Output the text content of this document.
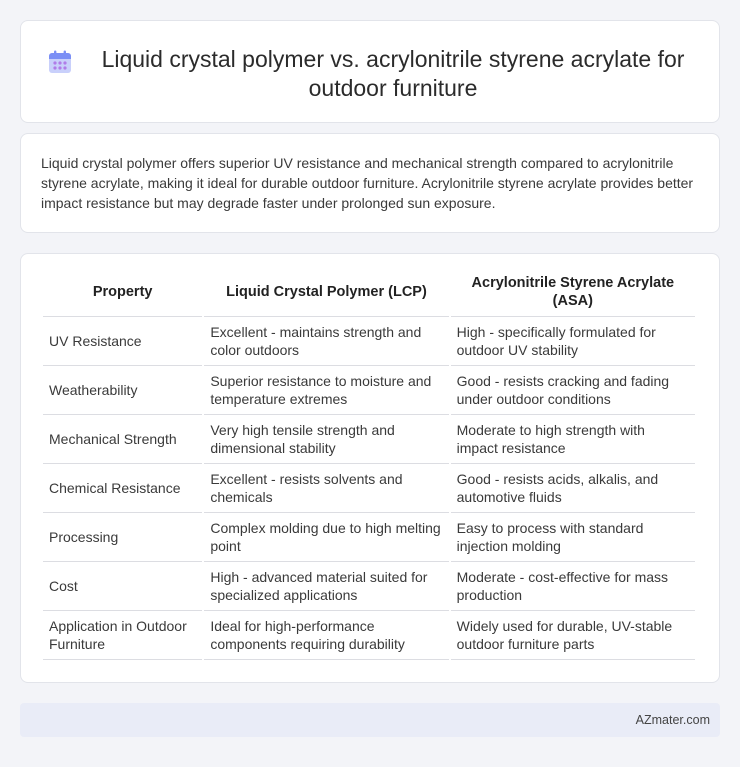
Liquid crystal polymer vs. acrylonitrile styrene acrylate for outdoor furniture

Liquid crystal polymer offers superior UV resistance and mechanical strength compared to acrylonitrile styrene acrylate, making it ideal for durable outdoor furniture. Acrylonitrile styrene acrylate provides better impact resistance but may degrade faster under prolonged sun exposure.

Property	Liquid Crystal Polymer (LCP)	Acrylonitrile Styrene Acrylate (ASA)
UV Resistance	Excellent - maintains strength and color outdoors	High - specifically formulated for outdoor UV stability
Weatherability	Superior resistance to moisture and temperature extremes	Good - resists cracking and fading under outdoor conditions
Mechanical Strength	Very high tensile strength and dimensional stability	Moderate to high strength with impact resistance
Chemical Resistance	Excellent - resists solvents and chemicals	Good - resists acids, alkalis, and automotive fluids
Processing	Complex molding due to high melting point	Easy to process with standard injection molding
Cost	High - advanced material suited for specialized applications	Moderate - cost-effective for mass production
Application in Outdoor Furniture	Ideal for high-performance components requiring durability	Widely used for durable, UV-stable outdoor furniture parts
AZmater.com
